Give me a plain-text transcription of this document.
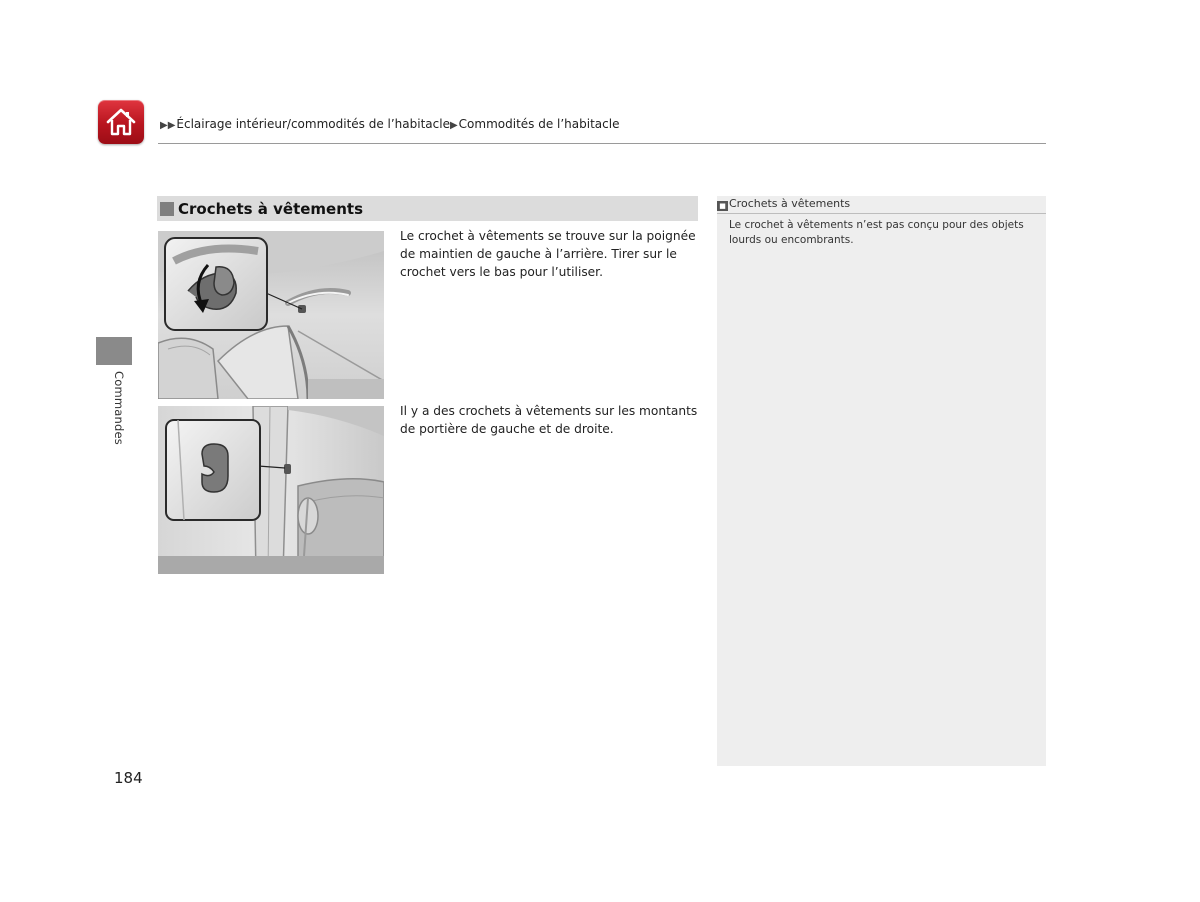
▶▶Éclairage intérieur/commodités de l’habitacle▶Commodités de l’habitacle
Commandes
Crochets à vêtements

Le crochet à vêtements se trouve sur la poignée de maintien de gauche à l’arrière. Tirer sur le crochet vers le bas pour l’utiliser.

Il y a des crochets à vêtements sur les montants de portière de gauche et de droite.

■ Crochets à vêtements

Le crochet à vêtements n’est pas conçu pour des objets lourds ou encombrants.

184
